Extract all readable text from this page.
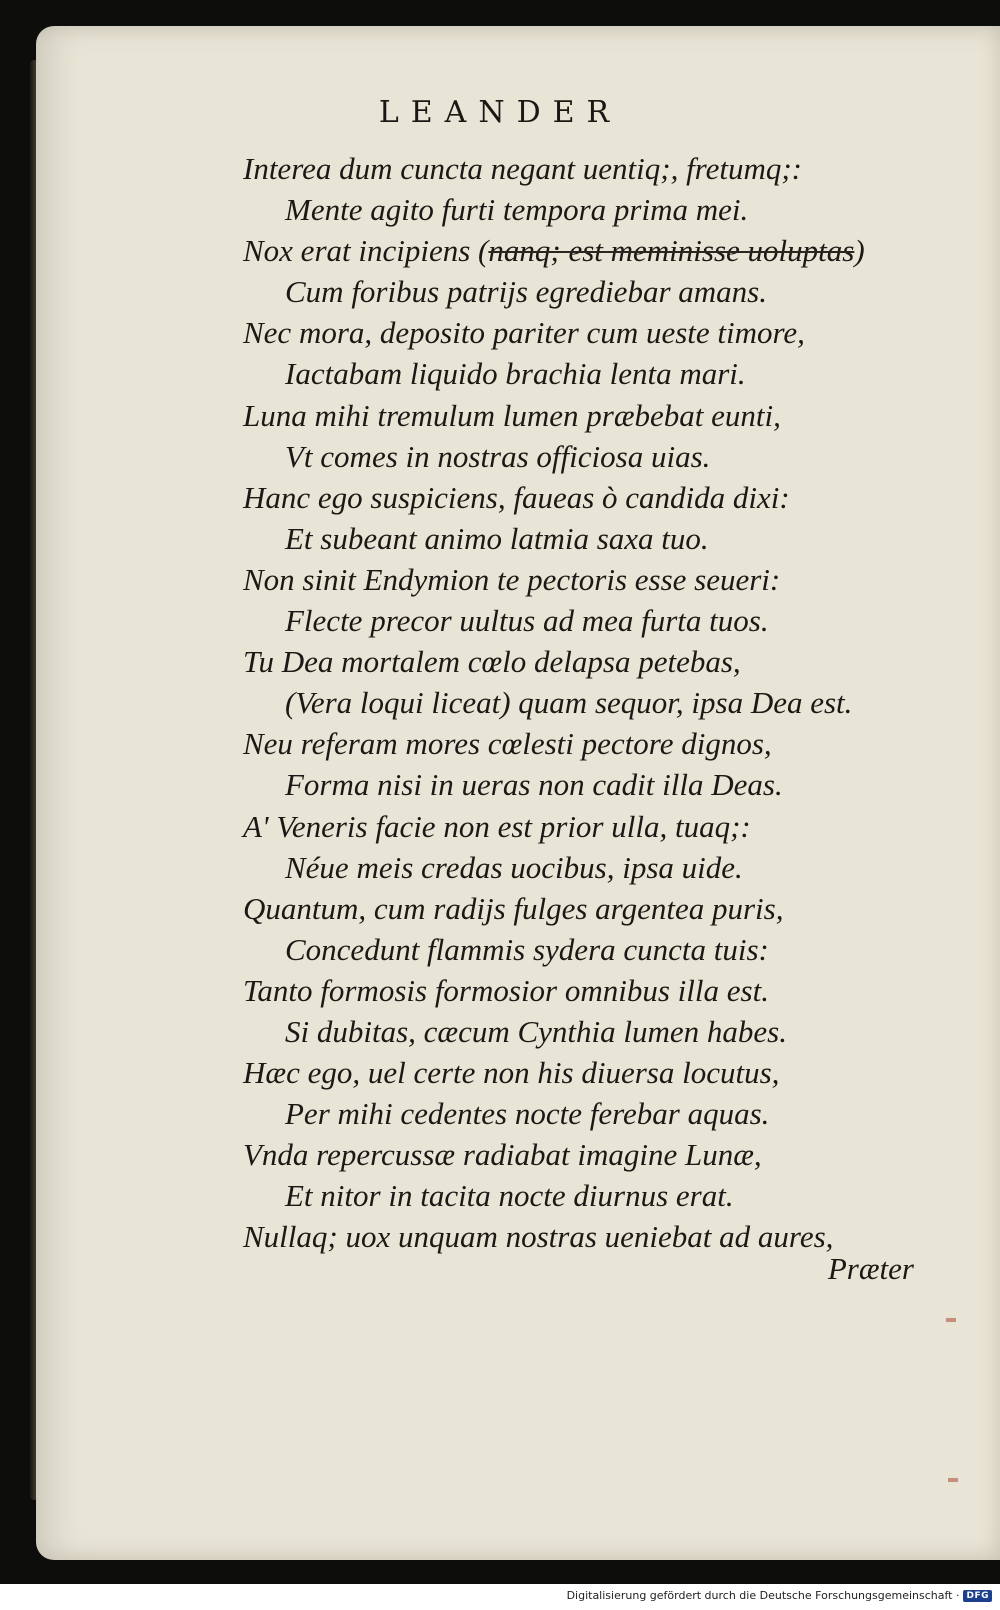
LEANDER
Interea dum cuncta negant uentiq;, fretumq;:
Mente agito furti tempora prima mei.
Nox erat incipiens (nanq; est meminisse uoluptas)
Cum foribus patrijs egrediebar amans.
Nec mora, deposito pariter cum ueste timore,
Iactabam liquido brachia lenta mari.
Luna mihi tremulum lumen præbebat eunti,
Vt comes in nostras officiosa uias.
Hanc ego suspiciens, faueas ò candida dixi:
Et subeant animo latmia saxa tuo.
Non sinit Endymion te pectoris esse seueri:
Flecte precor uultus ad mea furta tuos.
Tu Dea mortalem cœlo delapsa petebas,
(Vera loqui liceat) quam sequor, ipsa Dea est.
Neu referam mores cœlesti pectore dignos,
Forma nisi in ueras non cadit illa Deas.
A' Veneris facie non est prior ulla, tuaq;:
Néue meis credas uocibus, ipsa uide.
Quantum, cum radijs fulges argentea puris,
Concedunt flammis sydera cuncta tuis:
Tanto formosis formosior omnibus illa est.
Si dubitas, cæcum Cynthia lumen habes.
Hæc ego, uel certe non his diuersa locutus,
Per mihi cedentes nocte ferebar aquas.
Vnda repercussæ radiabat imagine Lunæ,
Et nitor in tacita nocte diurnus erat.
Nullaq; uox unquam nostras ueniebat ad aures,
Præter
Digitalisierung gefördert durch die Deutsche Forschungsgemeinschaft · DFG
